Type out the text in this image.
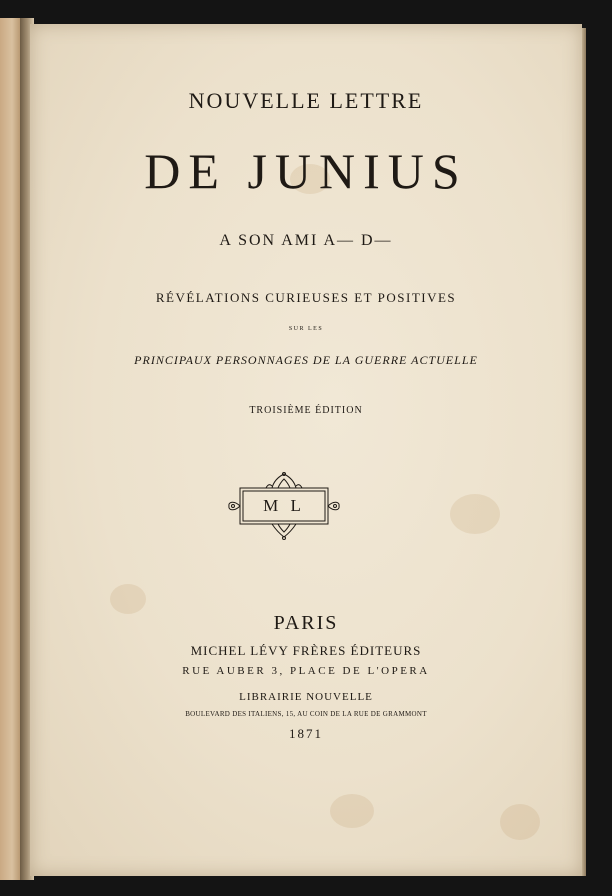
NOUVELLE LETTRE
DE JUNIUS
A SON AMI A— D—
RÉVÉLATIONS CURIEUSES ET POSITIVES
SUR LES
PRINCIPAUX PERSONNAGES DE LA GUERRE ACTUELLE
TROISIÈME ÉDITION
M L
PARIS
MICHEL LÉVY FRÈRES ÉDITEURS
RUE AUBER 3, PLACE DE L'OPERA
LIBRAIRIE NOUVELLE
BOULEVARD DES ITALIENS, 15, AU COIN DE LA RUE DE GRAMMONT
1871
